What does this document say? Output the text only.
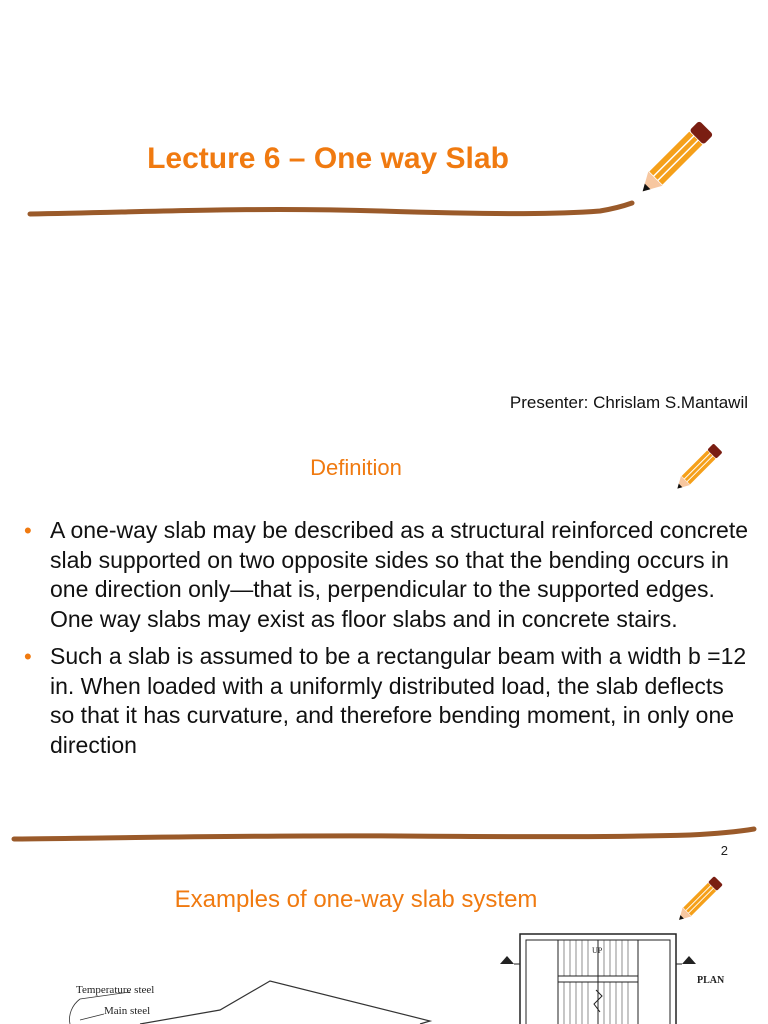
Lecture 6 – One way Slab
Presenter: Chrislam S.Mantawil
Definition
• A one-way slab may be described as a structural reinforced concrete slab supported on two opposite sides so that the bending occurs in one direction only—that is, perpendicular to the supported edges. One way slabs may exist as floor slabs and in concrete stairs.
• Such a slab is assumed to be a rectangular beam with a width b =12 in. When loaded with a uniformly distributed load, the slab deflects so that it has curvature, and therefore bending moment, in only one direction
2
Examples of one-way slab system
Temperature steel
Main steel
UP
PLAN
